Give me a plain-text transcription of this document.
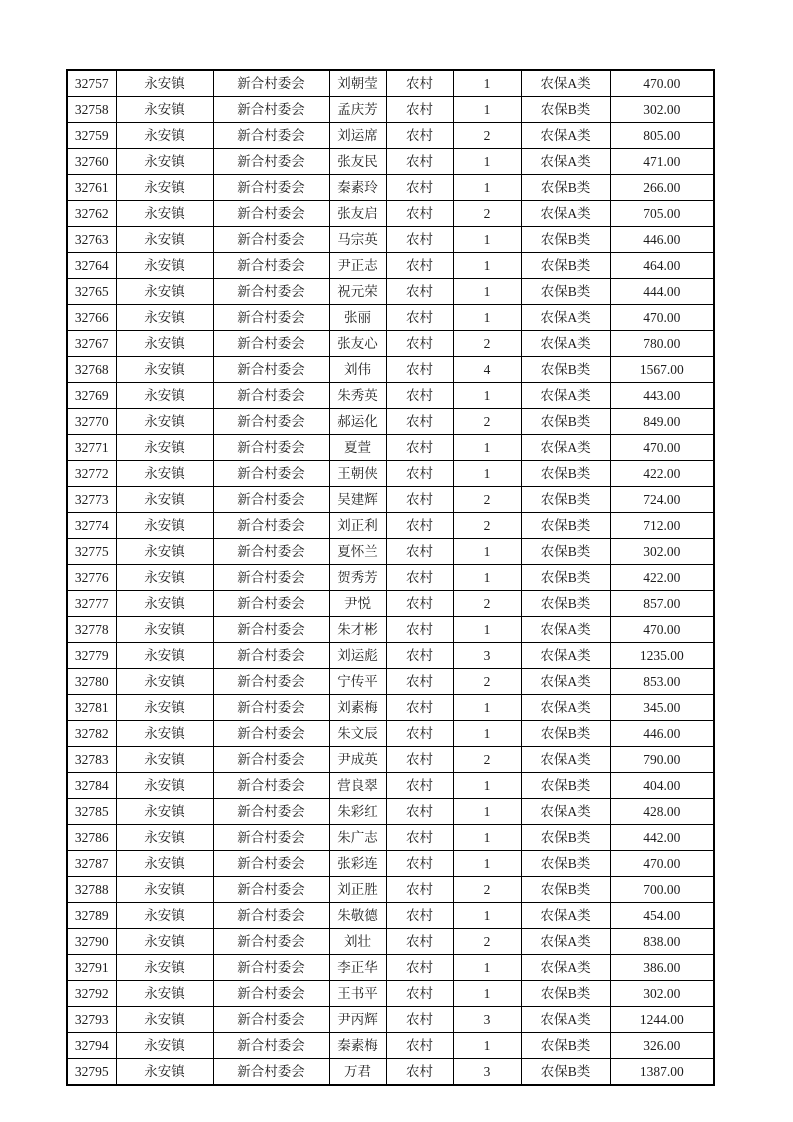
32757	永安镇	新合村委会	刘朝莹	农村	1	农保A类	470.00
32758	永安镇	新合村委会	孟庆芳	农村	1	农保B类	302.00
32759	永安镇	新合村委会	刘运席	农村	2	农保A类	805.00
32760	永安镇	新合村委会	张友民	农村	1	农保A类	471.00
32761	永安镇	新合村委会	秦素玲	农村	1	农保B类	266.00
32762	永安镇	新合村委会	张友启	农村	2	农保A类	705.00
32763	永安镇	新合村委会	马宗英	农村	1	农保B类	446.00
32764	永安镇	新合村委会	尹正志	农村	1	农保B类	464.00
32765	永安镇	新合村委会	祝元荣	农村	1	农保B类	444.00
32766	永安镇	新合村委会	张丽	农村	1	农保A类	470.00
32767	永安镇	新合村委会	张友心	农村	2	农保A类	780.00
32768	永安镇	新合村委会	刘伟	农村	4	农保B类	1567.00
32769	永安镇	新合村委会	朱秀英	农村	1	农保A类	443.00
32770	永安镇	新合村委会	郝运化	农村	2	农保B类	849.00
32771	永安镇	新合村委会	夏萱	农村	1	农保A类	470.00
32772	永安镇	新合村委会	王朝侠	农村	1	农保B类	422.00
32773	永安镇	新合村委会	吴建辉	农村	2	农保B类	724.00
32774	永安镇	新合村委会	刘正利	农村	2	农保B类	712.00
32775	永安镇	新合村委会	夏怀兰	农村	1	农保B类	302.00
32776	永安镇	新合村委会	贺秀芳	农村	1	农保B类	422.00
32777	永安镇	新合村委会	尹悦	农村	2	农保B类	857.00
32778	永安镇	新合村委会	朱才彬	农村	1	农保A类	470.00
32779	永安镇	新合村委会	刘运彪	农村	3	农保A类	1235.00
32780	永安镇	新合村委会	宁传平	农村	2	农保A类	853.00
32781	永安镇	新合村委会	刘素梅	农村	1	农保A类	345.00
32782	永安镇	新合村委会	朱文辰	农村	1	农保B类	446.00
32783	永安镇	新合村委会	尹成英	农村	2	农保A类	790.00
32784	永安镇	新合村委会	营良翠	农村	1	农保B类	404.00
32785	永安镇	新合村委会	朱彩红	农村	1	农保A类	428.00
32786	永安镇	新合村委会	朱广志	农村	1	农保B类	442.00
32787	永安镇	新合村委会	张彩连	农村	1	农保B类	470.00
32788	永安镇	新合村委会	刘正胜	农村	2	农保B类	700.00
32789	永安镇	新合村委会	朱敬德	农村	1	农保A类	454.00
32790	永安镇	新合村委会	刘壮	农村	2	农保A类	838.00
32791	永安镇	新合村委会	李正华	农村	1	农保A类	386.00
32792	永安镇	新合村委会	王书平	农村	1	农保B类	302.00
32793	永安镇	新合村委会	尹丙辉	农村	3	农保A类	1244.00
32794	永安镇	新合村委会	秦素梅	农村	1	农保B类	326.00
32795	永安镇	新合村委会	万君	农村	3	农保B类	1387.00
